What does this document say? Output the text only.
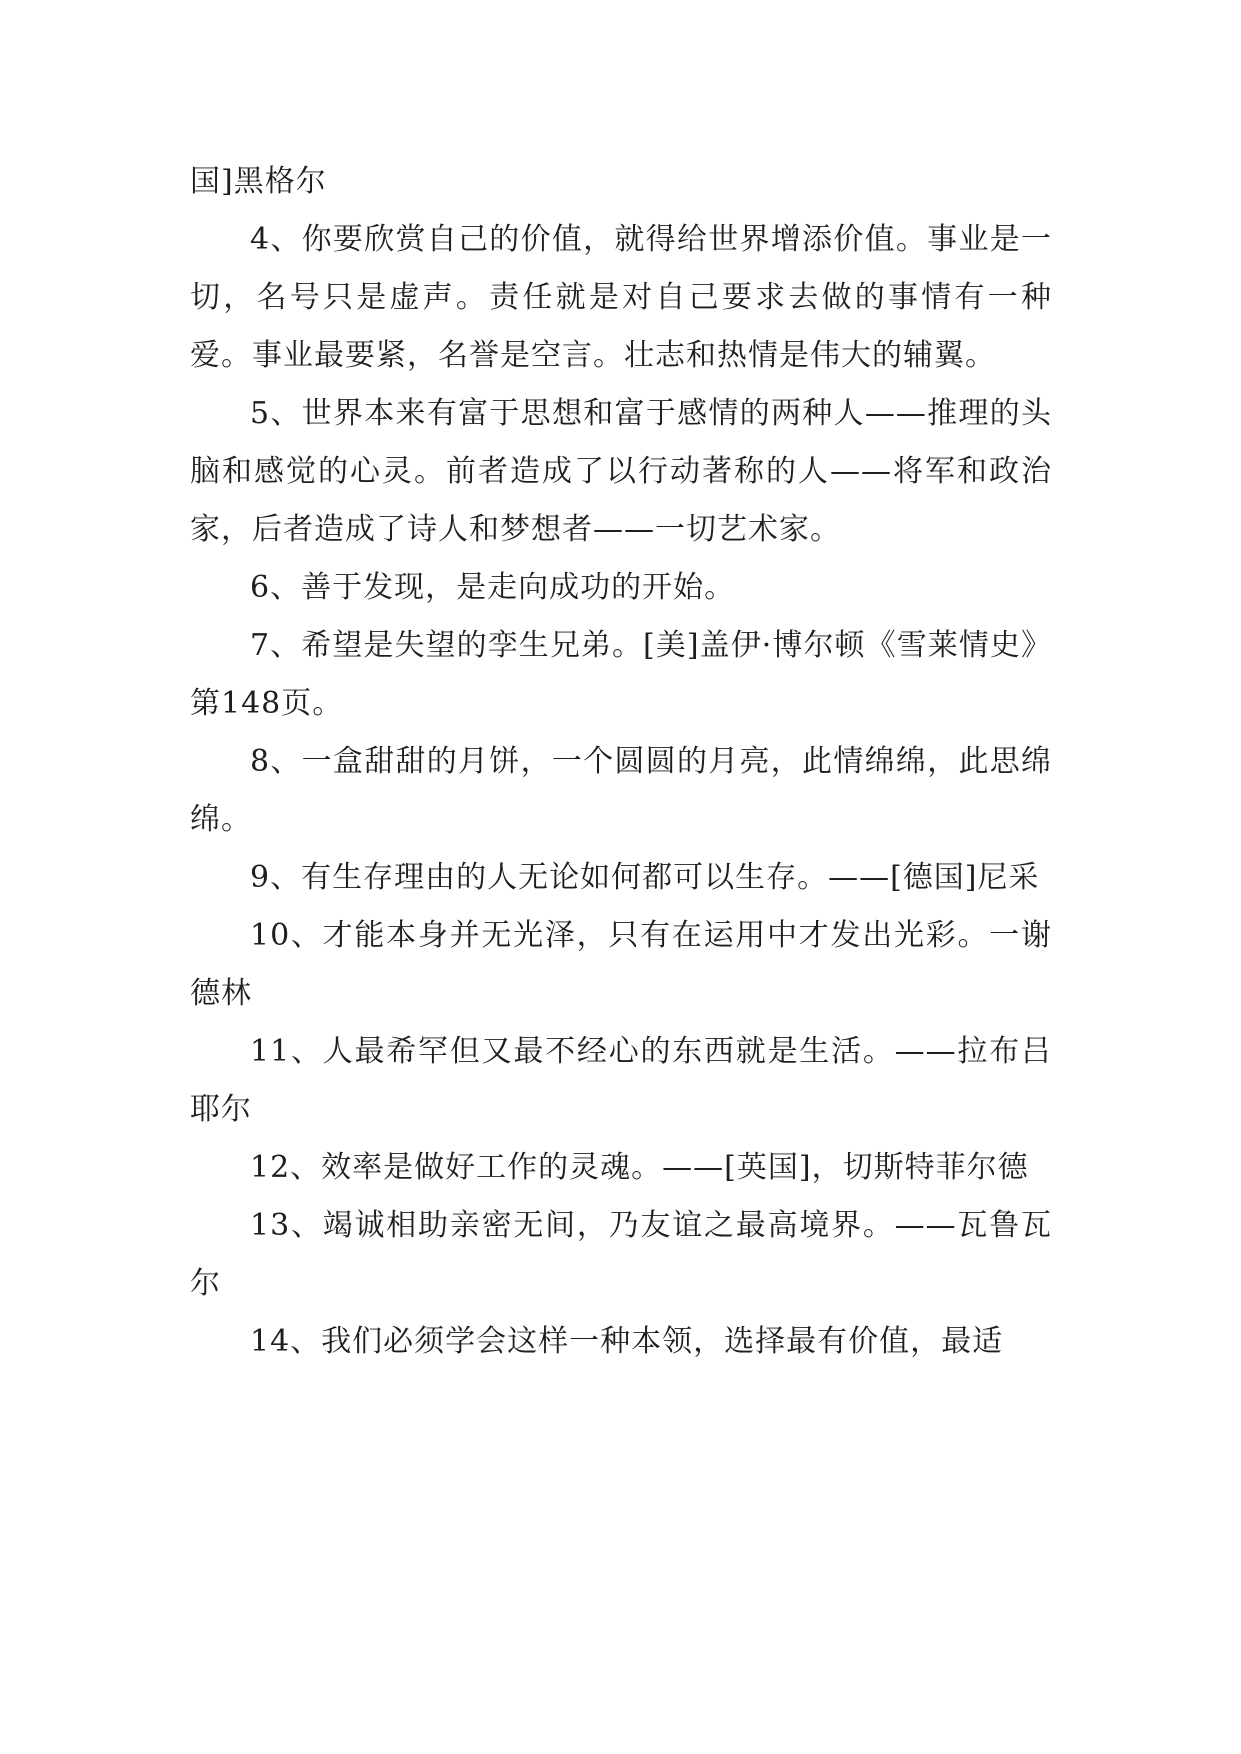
国]黑格尔

4、你要欣赏自己的价值，就得给世界增添价值。事业是一切，名号只是虚声。责任就是对自己要求去做的事情有一种爱。事业最要紧，名誉是空言。壮志和热情是伟大的辅翼。

5、世界本来有富于思想和富于感情的两种人——推理的头脑和感觉的心灵。前者造成了以行动著称的人——将军和政治家，后者造成了诗人和梦想者——一切艺术家。

6、善于发现，是走向成功的开始。

7、希望是失望的孪生兄弟。[美]盖伊·博尔顿《雪莱情史》第148页。

8、一盒甜甜的月饼，一个圆圆的月亮，此情绵绵，此思绵绵。

9、有生存理由的人无论如何都可以生存。——[德国]尼采

10、才能本身并无光泽，只有在运用中才发出光彩。一谢德林

11、人最希罕但又最不经心的东西就是生活。——拉布吕耶尔

12、效率是做好工作的灵魂。——[英国]，切斯特菲尔德

13、竭诚相助亲密无间，乃友谊之最高境界。——瓦鲁瓦尔

14、我们必须学会这样一种本领，选择最有价值，最适
